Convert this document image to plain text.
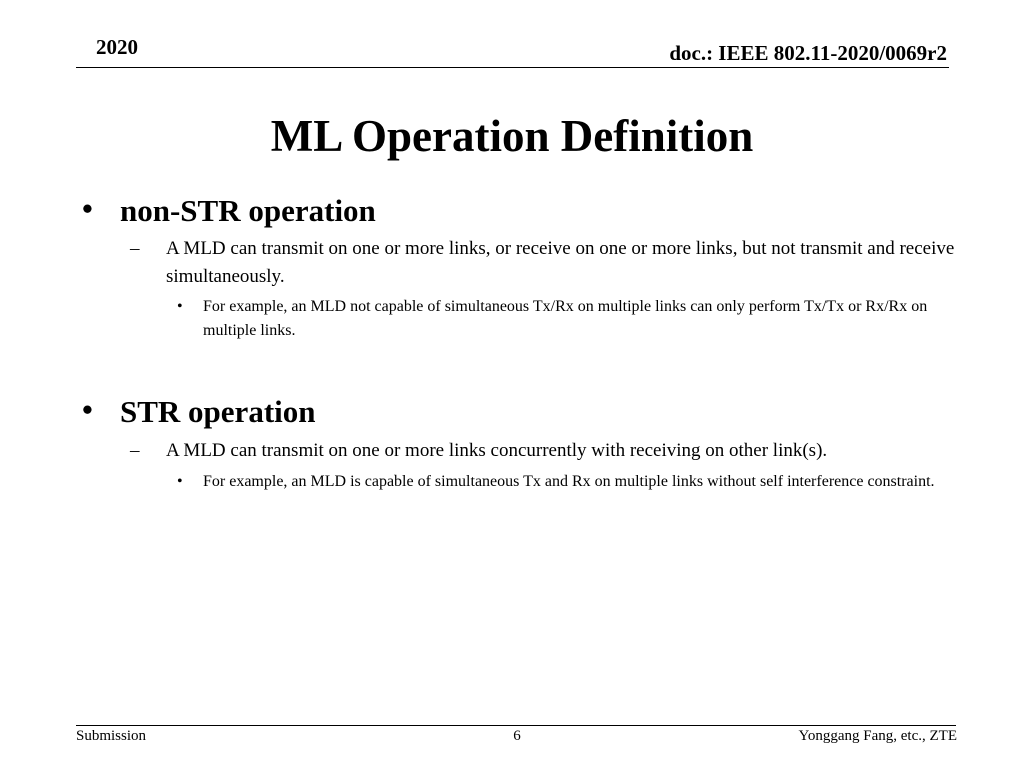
2020	doc.: IEEE 802.11-2020/0069r2
ML Operation Definition
• non-STR operation
– A MLD can transmit on one or more links, or receive on one or more links, but not transmit and receive simultaneously.
• For example, an MLD not capable of simultaneous Tx/Rx on multiple links can only perform Tx/Tx or Rx/Rx on multiple links.
• STR operation
– A MLD can transmit on one or more links concurrently with receiving on other link(s).
• For example, an MLD is capable of simultaneous Tx and Rx on multiple links without self interference constraint.
Submission	6	Yonggang Fang, etc., ZTE
